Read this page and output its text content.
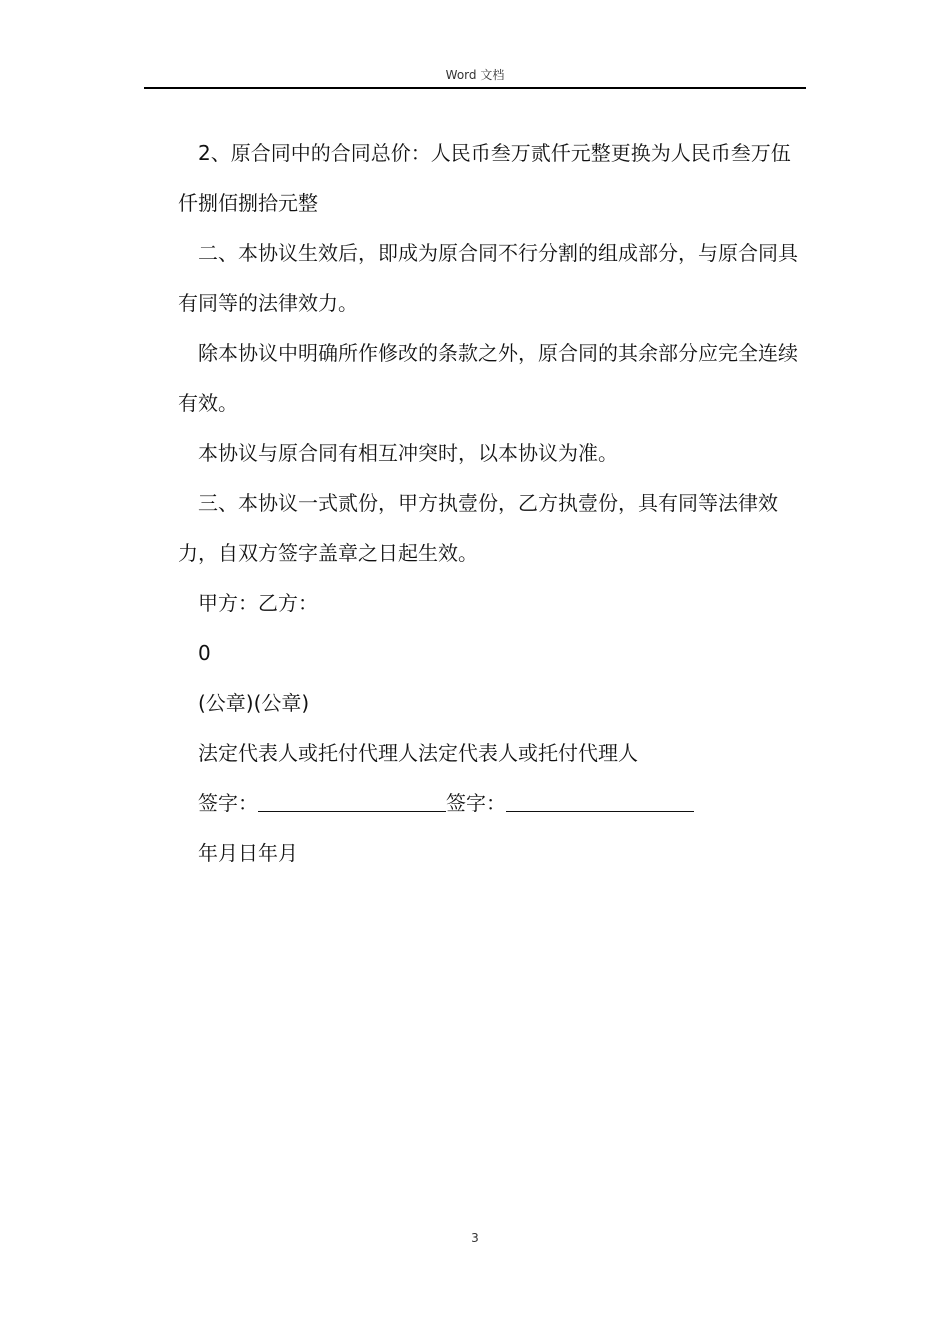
Word 文档

2、原合同中的合同总价：人民币叁万贰仟元整更换为人民币叁万伍仟捌佰捌拾元整

二、本协议生效后，即成为原合同不行分割的组成部分，与原合同具有同等的法律效力。

除本协议中明确所作修改的条款之外，原合同的其余部分应完全连续有效。

本协议与原合同有相互冲突时，以本协议为准。

三、本协议一式贰份，甲方执壹份，乙方执壹份，具有同等法律效力，自双方签字盖章之日起生效。

甲方：乙方：

0

(公章)(公章)

法定代表人或托付代理人法定代表人或托付代理人

签字：	签字：

年月日年月

3
